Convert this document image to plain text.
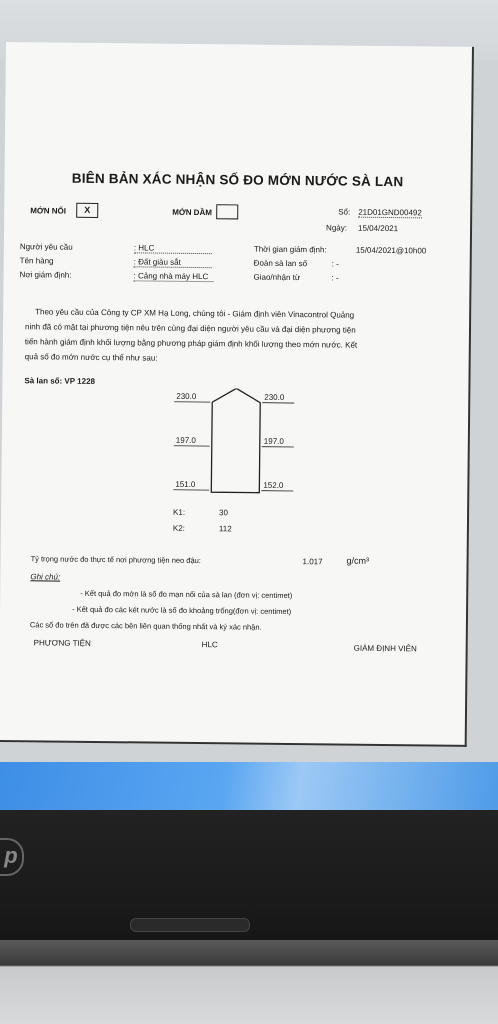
BIÊN BẢN XÁC NHẬN SỐ ĐO MỚN NƯỚC SÀ LAN
MỚN NỔI	X	MỚN DẦM	Số: 21D01GND00492
Ngày: 15/04/2021
Người yêu cầu	: HLC
Tên hàng	: Đất giàu sắt
Nơi giám định:	: Cảng nhà máy HLC
Thời gian giám định:	15/04/2021@10h00
Đoàn sà lan số	: -
Giao/nhận từ	: -
Theo yêu cầu của Công ty CP XM Hạ Long, chúng tôi - Giám định viên Vinacontrol Quảng
ninh đã có mặt tại phương tiện nêu trên cùng đại diện người yêu cầu và đại diện phương tiện
tiến hành giám định khối lượng bằng phương pháp giám định khối lượng theo mớn nước. Kết
quả số đo mớn nước cụ thể như sau:
Sà lan số: VP 1228
230.0	230.0
197.0	197.0
151.0	152.0
K1:	30
K2:	112
Tỷ trọng nước đo thực tế nơi phương tiện neo đậu:	1.017	g/cm³
Ghi chú:
- Kết quả đo mớn là số đo mạn nổi của sà lan (đơn vị: centimet)
- Kết quả đo các két nước là số đo khoảng trống(đơn vị: centimet)
Các số đo trên đã được các bên liên quan thống nhất và ký xác nhận.
PHƯƠNG TIỆN	HLC	GIÁM ĐỊNH VIÊN
p
